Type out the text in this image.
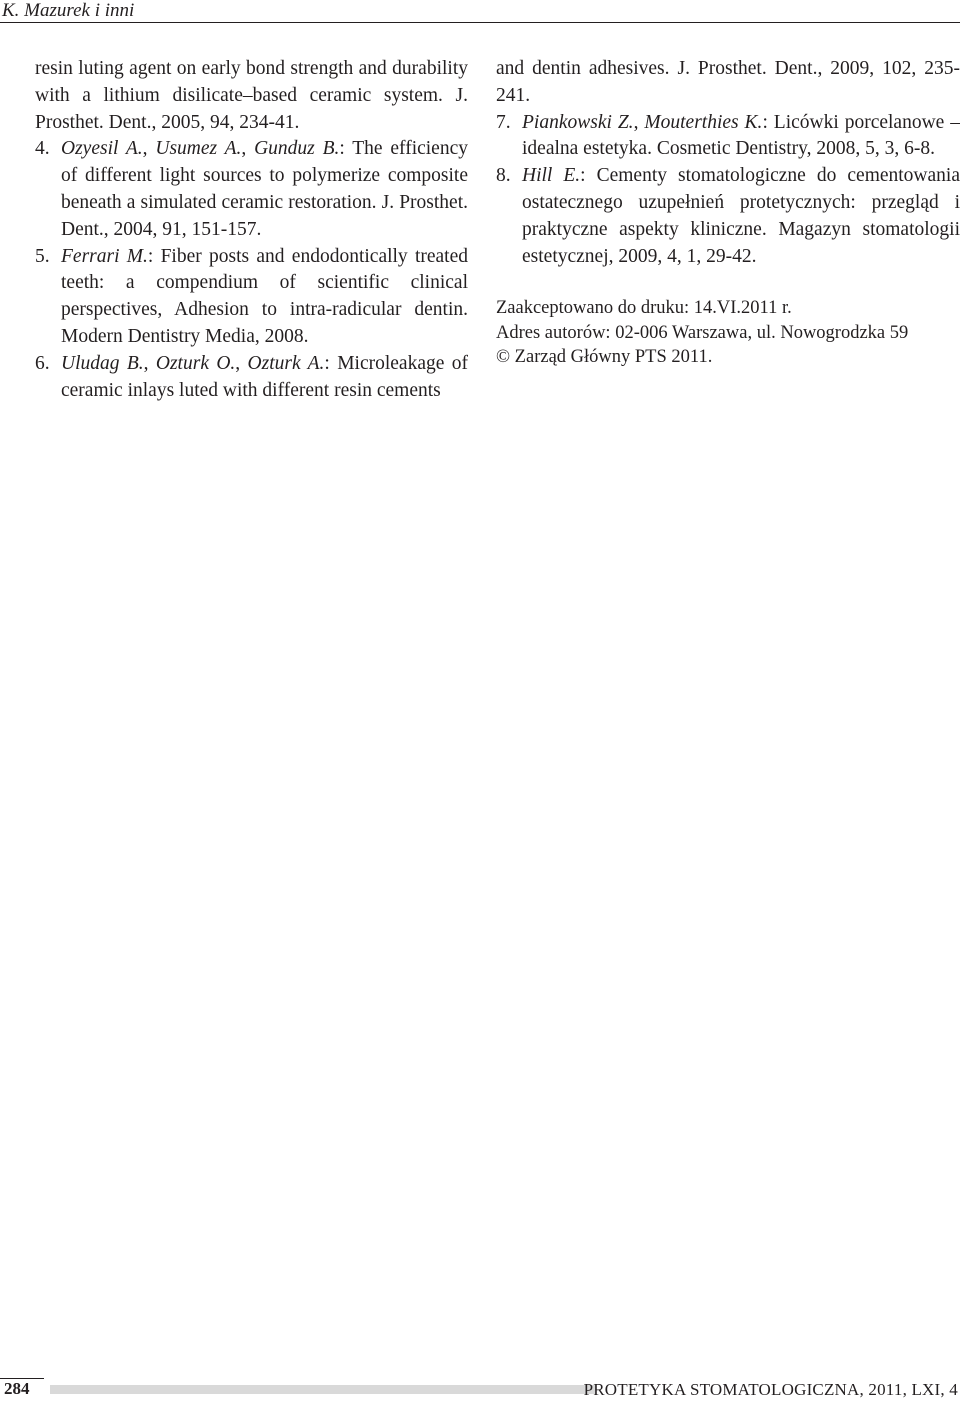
K. Mazurek i inni

resin luting agent on early bond strength and durability with a lithium disilicate–based ceramic system. J. Prosthet. Dent., 2005, 94, 234-41.

4. Ozyesil A., Usumez A., Gunduz B.: The efficiency of different light sources to polymerize composite beneath a simulated ceramic restoration. J. Prosthet. Dent., 2004, 91, 151-157.

5. Ferrari M.: Fiber posts and endodontically treated teeth: a compendium of scientific clinical perspectives, Adhesion to intra-radicular dentin. Modern Dentistry Media, 2008.

6. Uludag B., Ozturk O., Ozturk A.: Microleakage of ceramic inlays luted with different resin cements

and dentin adhesives. J. Prosthet. Dent., 2009, 102, 235-241.

7. Piankowski Z., Mouterthies K.: Licówki porcelanowe – idealna estetyka. Cosmetic Dentistry, 2008, 5, 3, 6-8.

8. Hill E.: Cementy stomatologiczne do cementowania ostatecznego uzupełnień protetycznych: przegląd i praktyczne aspekty kliniczne. Magazyn stomatologii estetycznej, 2009, 4, 1, 29-42.

Zaakceptowano do druku: 14.VI.2011 r.

Adres autorów: 02-006 Warszawa, ul. Nowogrodzka 59

© Zarząd Główny PTS 2011.

284	PROTETYKA STOMATOLOGICZNA, 2011, LXI, 4
